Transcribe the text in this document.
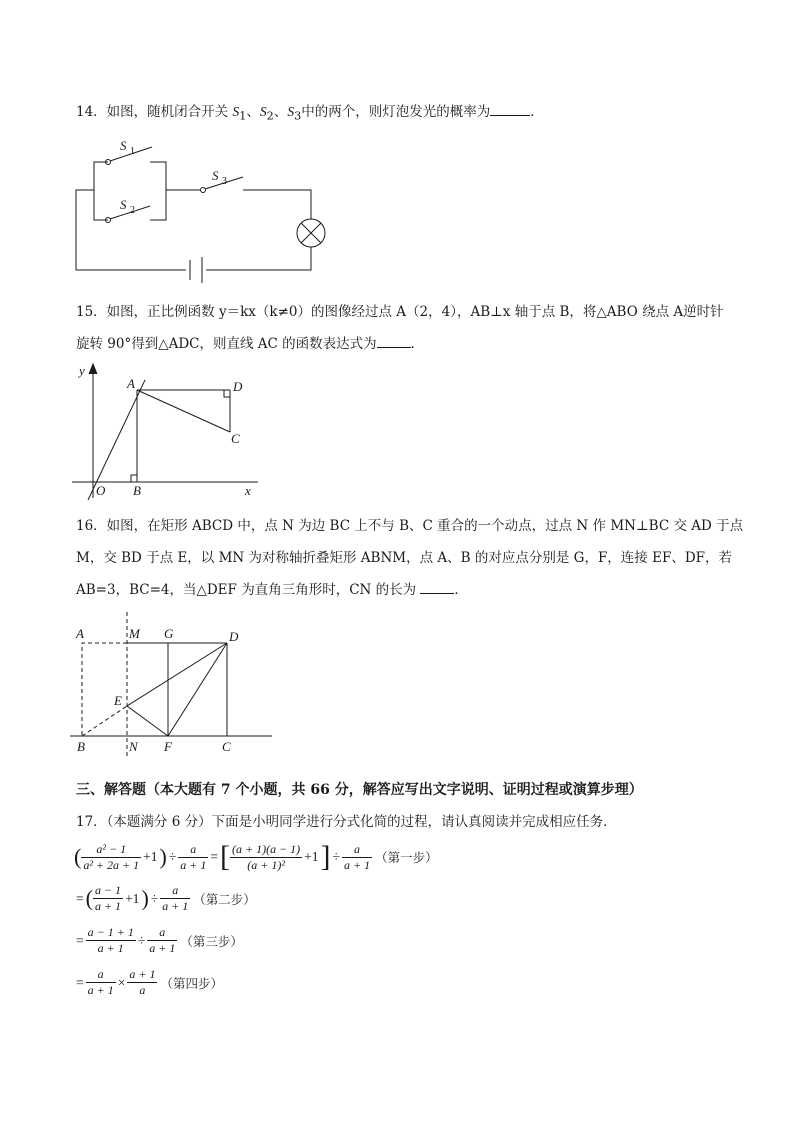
14．如图，随机闭合开关 $S_1$、$S_2$、$S_3$中的两个，则灯泡发光的概率为	．
S 1
S 2
S 3
15．如图，正比例函数 y＝kx（k≠0）的图像经过点 A（2，4），AB⊥x 轴于点 B，将△ABO 绕点 A逆时针
旋转 90°得到△ADC，则直线 AC 的函数表达式为	．
y
x
O
A
B
C
D
16．如图，在矩形 ABCD 中，点 N 为边 BC 上不与 B、C 重合的一个动点，过点 N 作 MN⊥BC 交 AD 于点
M，交 BD 于点 E，以 MN 为对称轴折叠矩形 ABNM，点 A、B 的对应点分别是 G，F，连接 EF、DF，若
AB=3，BC=4，当△DEF 为直角三角形时，CN 的长为	．
A	M G	D
E
B	N F	C
三、解答题（本大题有 7 个小题，共 66 分，解答应写出文字说明、证明过程或演算步理）
17．（本题满分 6 分）下面是小明同学进行分式化简的过程，请认真阅读并完成相应任务．
( $\frac{\text{a² − 1}}{\text{a² + 2a + 1}} +1) \div \frac{a}{a + 1}$ =[ $\frac{(a + 1)(a - 1)}{\text{(a + 1)²}} +1] \div \frac{a}{a + 1}$ （第一步）
=( $\frac{a - 1}{a + 1} +1) \div \frac{a}{a + 1}$ （第二步）
= $\frac{a - 1 + 1}{a + 1} \div \frac{a}{a + 1}$ （第三步）
= $\frac{a}{a + 1} \times \frac{a + 1}{a}$ （第四步）
